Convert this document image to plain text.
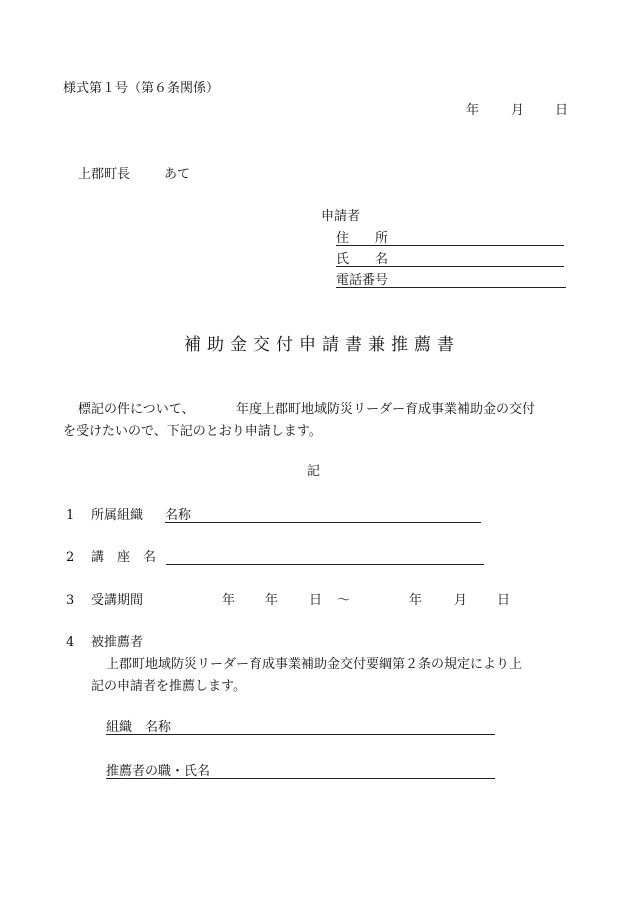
様式第１号（第６条関係）
年 月 日
上郡町長	あて
申請者
住　　所
氏　　名
電話番号
補助金交付申請書兼推薦書
標記の件について、	年度上郡町地域防災リーダー育成事業補助金の交付
を受けたいので、下記のとおり申請します。
記
1 所属組織 名称
2 講　座　名
3 受講期間	年 年 日 〜	年 月 日
4 被推薦者
上郡町地域防災リーダー育成事業補助金交付要綱第２条の規定により上
記の申請者を推薦します。
組織　名称
推薦者の職・氏名
